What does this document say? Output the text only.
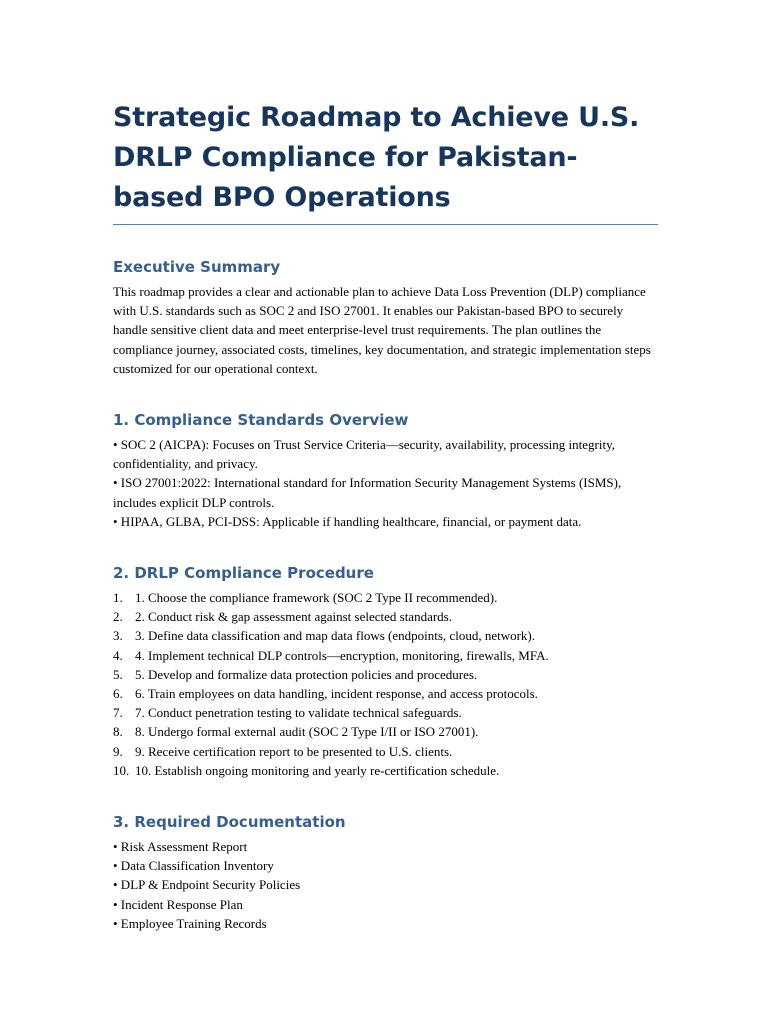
Strategic Roadmap to Achieve U.S. DRLP Compliance for Pakistan-based BPO Operations
Executive Summary

This roadmap provides a clear and actionable plan to achieve Data Loss Prevention (DLP) compliance with U.S. standards such as SOC 2 and ISO 27001. It enables our Pakistan-based BPO to securely handle sensitive client data and meet enterprise-level trust requirements. The plan outlines the compliance journey, associated costs, timelines, key documentation, and strategic implementation steps customized for our operational context.

1. Compliance Standards Overview
• SOC 2 (AICPA): Focuses on Trust Service Criteria—security, availability, processing integrity, confidentiality, and privacy.
• ISO 27001:2022: International standard for Information Security Management Systems (ISMS), includes explicit DLP controls.
• HIPAA, GLBA, PCI-DSS: Applicable if handling healthcare, financial, or payment data.
2. DRLP Compliance Procedure
1. 1. Choose the compliance framework (SOC 2 Type II recommended).
2. 2. Conduct risk & gap assessment against selected standards.
3. 3. Define data classification and map data flows (endpoints, cloud, network).
4. 4. Implement technical DLP controls—encryption, monitoring, firewalls, MFA.
5. 5. Develop and formalize data protection policies and procedures.
6. 6. Train employees on data handling, incident response, and access protocols.
7. 7. Conduct penetration testing to validate technical safeguards.
8. 8. Undergo formal external audit (SOC 2 Type I/II or ISO 27001).
9. 9. Receive certification report to be presented to U.S. clients.
10. 10. Establish ongoing monitoring and yearly re-certification schedule.
3. Required Documentation
• Risk Assessment Report
• Data Classification Inventory
• DLP & Endpoint Security Policies
• Incident Response Plan
• Employee Training Records
